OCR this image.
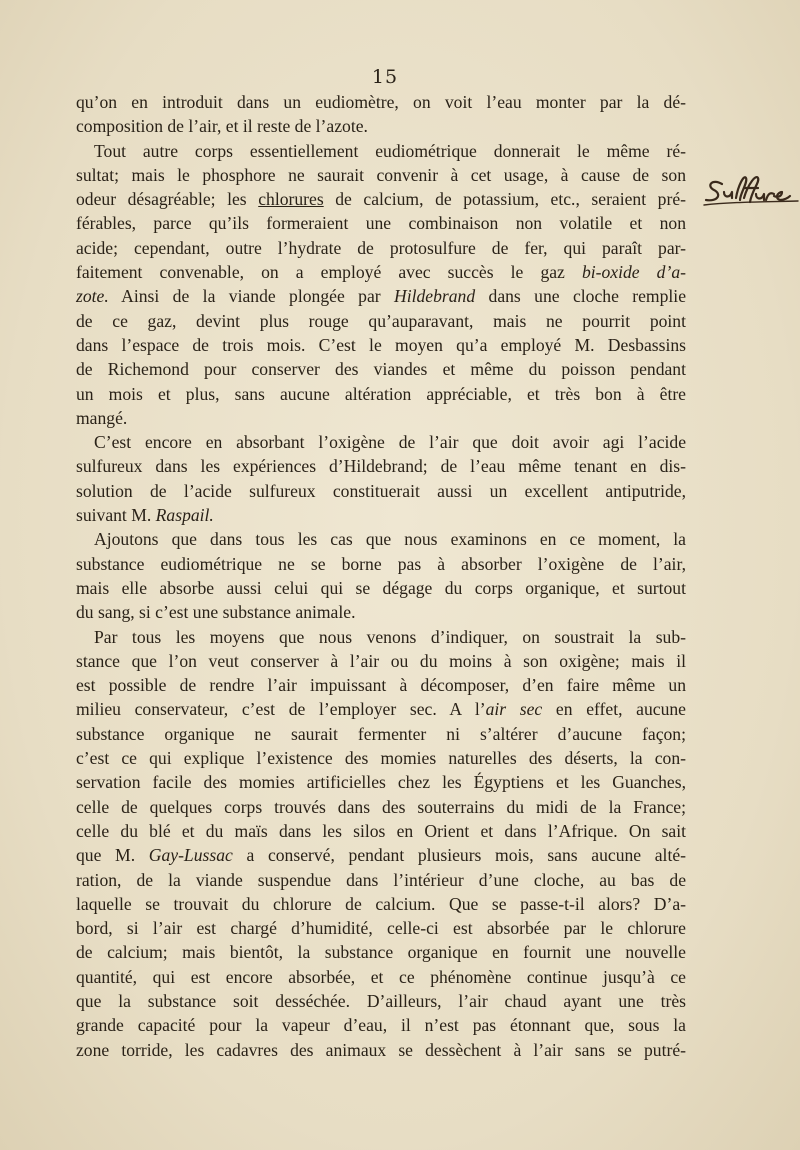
15
qu’on en introduit dans un eudiomètre, on voit l’eau monter par la dé-
composition de l’air, et il reste de l’azote.
Tout autre corps essentiellement eudiométrique donnerait le même ré-
sultat; mais le phosphore ne saurait convenir à cet usage, à cause de son
odeur désagréable; les chlorures de calcium, de potassium, etc., seraient pré-
férables, parce qu’ils formeraient une combinaison non volatile et non
acide; cependant, outre l’hydrate de protosulfure de fer, qui paraît par-
faitement convenable, on a employé avec succès le gaz bi-oxide d’a-
zote. Ainsi de la viande plongée par Hildebrand dans une cloche remplie
de ce gaz, devint plus rouge qu’auparavant, mais ne pourrit point
dans l’espace de trois mois. C’est le moyen qu’a employé M. Desbassins
de Richemond pour conserver des viandes et même du poisson pendant
un mois et plus, sans aucune altération appréciable, et très bon à être
mangé.
C’est encore en absorbant l’oxigène de l’air que doit avoir agi l’acide
sulfureux dans les expériences d’Hildebrand; de l’eau même tenant en dis-
solution de l’acide sulfureux constituerait aussi un excellent antiputride,
suivant M. Raspail.
Ajoutons que dans tous les cas que nous examinons en ce moment, la
substance eudiométrique ne se borne pas à absorber l’oxigène de l’air,
mais elle absorbe aussi celui qui se dégage du corps organique, et surtout
du sang, si c’est une substance animale.
Par tous les moyens que nous venons d’indiquer, on soustrait la sub-
stance que l’on veut conserver à l’air ou du moins à son oxigène; mais il
est possible de rendre l’air impuissant à décomposer, d’en faire même un
milieu conservateur, c’est de l’employer sec. A l’air sec en effet, aucune
substance organique ne saurait fermenter ni s’altérer d’aucune façon;
c’est ce qui explique l’existence des momies naturelles des déserts, la con-
servation facile des momies artificielles chez les Égyptiens et les Guanches,
celle de quelques corps trouvés dans des souterrains du midi de la France;
celle du blé et du maïs dans les silos en Orient et dans l’Afrique. On sait
que M. Gay-Lussac a conservé, pendant plusieurs mois, sans aucune alté-
ration, de la viande suspendue dans l’intérieur d’une cloche, au bas de
laquelle se trouvait du chlorure de calcium. Que se passe-t-il alors? D’a-
bord, si l’air est chargé d’humidité, celle-ci est absorbée par le chlorure
de calcium; mais bientôt, la substance organique en fournit une nouvelle
quantité, qui est encore absorbée, et ce phénomène continue jusqu’à ce
que la substance soit desséchée. D’ailleurs, l’air chaud ayant une très
grande capacité pour la vapeur d’eau, il n’est pas étonnant que, sous la
zone torride, les cadavres des animaux se dessèchent à l’air sans se putré-
